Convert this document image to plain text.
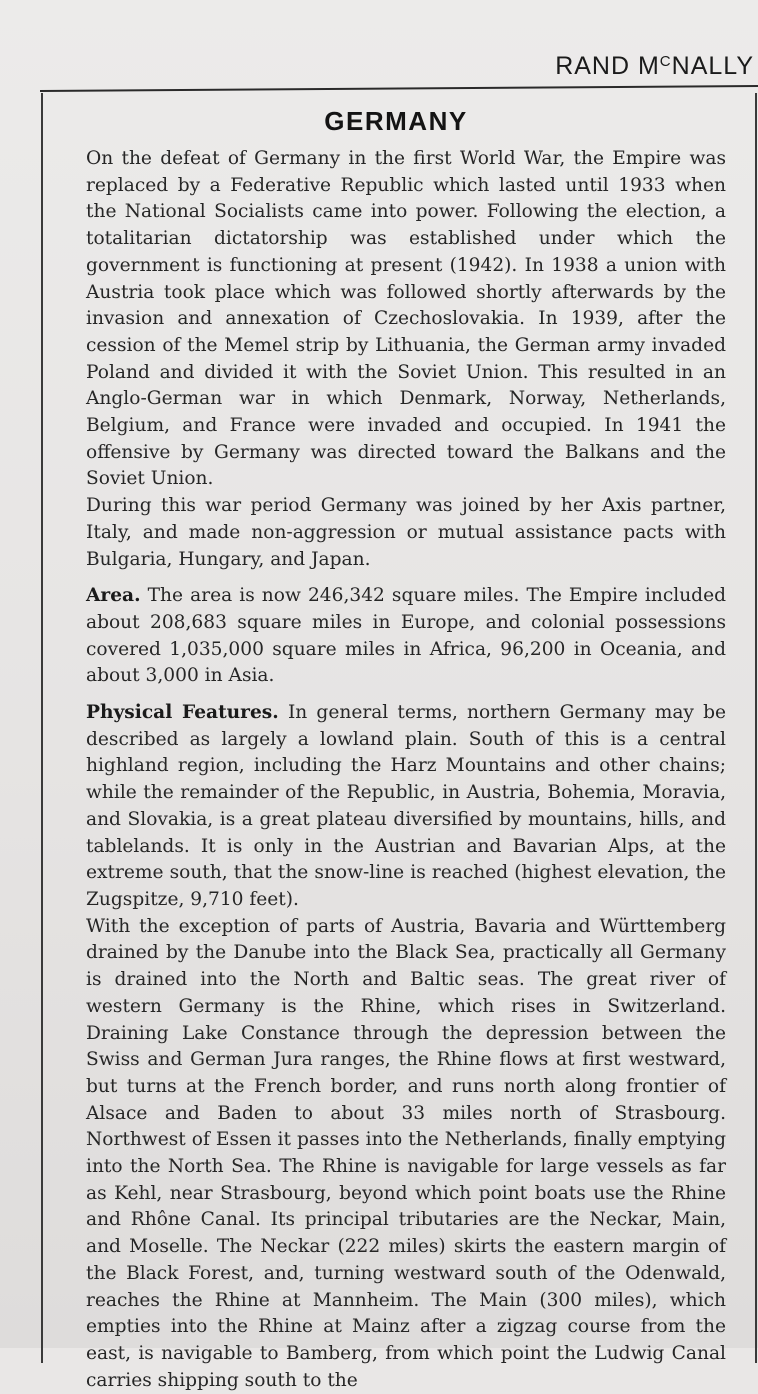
RAND $M^CNALLY$
GERMANY

On the defeat of Germany in the first World War, the Empire was replaced by a Federative Republic which lasted until 1933 when the National Socialists came into power. Following the election, a totalitarian dictatorship was established under which the government is functioning at present (1942). In 1938 a union with Austria took place which was followed shortly afterwards by the invasion and annexation of Czechoslovakia. In 1939, after the cession of the Memel strip by Lithuania, the German army invaded Poland and divided it with the Soviet Union. This resulted in an Anglo-German war in which Denmark, Norway, Netherlands, Belgium, and France were invaded and occupied. In 1941 the offensive by Germany was directed toward the Balkans and the Soviet Union.

During this war period Germany was joined by her Axis partner, Italy, and made non-aggression or mutual assistance pacts with Bulgaria, Hungary, and Japan.

Area. The area is now 246,342 square miles. The Empire included about 208,683 square miles in Europe, and colonial possessions covered 1,035,000 square miles in Africa, 96,200 in Oceania, and about 3,000 in Asia.

Physical Features. In general terms, northern Germany may be described as largely a lowland plain. South of this is a central highland region, including the Harz Mountains and other chains; while the remainder of the Republic, in Austria, Bohemia, Moravia, and Slovakia, is a great plateau diversified by mountains, hills, and tablelands. It is only in the Austrian and Bavarian Alps, at the extreme south, that the snow-line is reached (highest elevation, the Zugspitze, 9,710 feet).

With the exception of parts of Austria, Bavaria and Württemberg drained by the Danube into the Black Sea, practically all Germany is drained into the North and Baltic seas. The great river of western Germany is the Rhine, which rises in Switzerland. Draining Lake Constance through the depression between the Swiss and German Jura ranges, the Rhine flows at first westward, but turns at the French border, and runs north along frontier of Alsace and Baden to about 33 miles north of Strasbourg. Northwest of Essen it passes into the Netherlands, finally emptying into the North Sea. The Rhine is navigable for large vessels as far as Kehl, near Strasbourg, beyond which point boats use the Rhine and Rhône Canal. Its principal tributaries are the Neckar, Main, and Moselle. The Neckar (222 miles) skirts the eastern margin of the Black Forest, and, turning westward south of the Odenwald, reaches the Rhine at Mannheim. The Main (300 miles), which empties into the Rhine at Mainz after a zigzag course from the east, is navigable to Bamberg, from which point the Ludwig Canal carries shipping south to the
